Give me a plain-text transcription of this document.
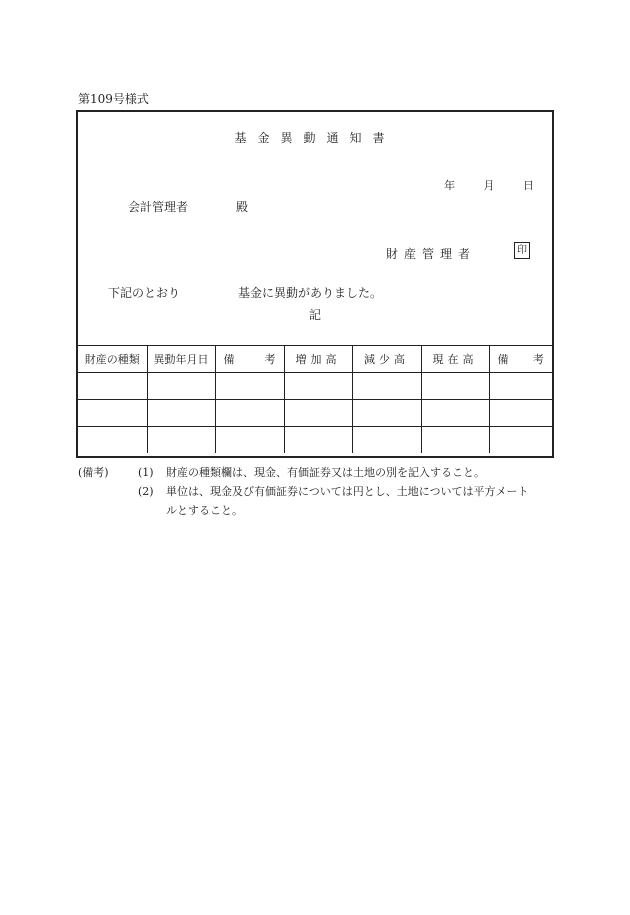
第109号様式
基金異動通知書
年	月	日
会計管理者	殿
財産管理者	印
下記のとおり	基金に異動がありました。
記
財産の種類	異動年月日	備 考	増加高	減少高	現在高	備 考

(備考)	(1)	財産の種類欄は、現金、有価証券又は土地の別を記入すること。
(2)	単位は、現金及び有価証券については円とし、土地については平方メート
ルとすること。
